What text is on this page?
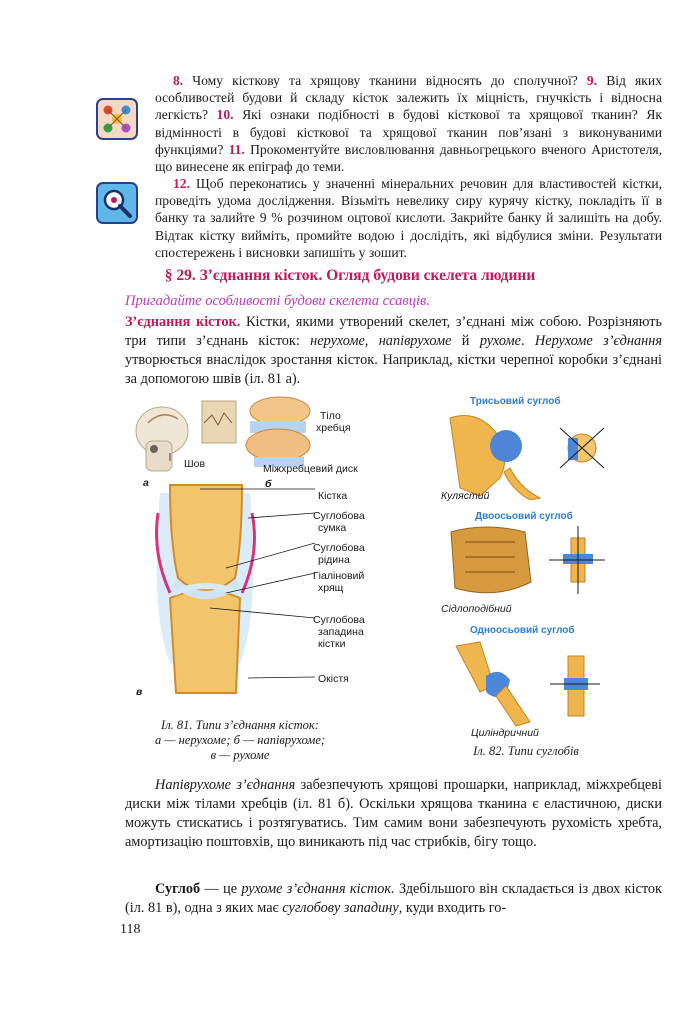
8. Чому кісткову та хрящову тканини відносять до сполучної? 9. Від яких особливостей будови й складу кісток залежить їх міцність, гнучкість і відносна легкість? 10. Які ознаки подібності в будові кісткової та хрящової тканин? Як відмінності в будові кісткової та хрящової тканин пов’язані з виконуваними функціями? 11. Прокоментуйте висловлювання давньогрецького вченого Аристотеля, що винесене як епіграф до теми.
12. Щоб переконатись у значенні мінеральних речовин для властивостей кістки, проведіть удома дослідження. Візьміть невелику сиру курячу кістку, покладіть її в банку та залийте 9 % розчином оцтової кислоти. Закрийте банку й залишіть на добу. Відтак кістку вийміть, промийте водою і дослідіть, які відбулися зміни. Результати спостережень і висновки запишіть у зошит.
§ 29. З’єднання кісток. Огляд будови скелета людини
Пригадайте особливості будови скелета ссавців.
З’єднання кісток. Кістки, якими утворений скелет, з’єднані між собою. Розрізняють три типи з’єднань кісток: нерухоме, напіврухоме й рухоме. Нерухоме з’єднання утворюється внаслідок зростання кісток. Наприклад, кістки черепної коробки з’єднані за допомогою швів (іл. 81 а).
Тіло
хребця
Шов	Міжхребцевий диск
а	б
Кістка
Суглобова
сумка
Суглобова
рідина
Гіаліновий
хрящ
Суглобова
западина
кістки
Окістя
в
Іл. 81. Типи з’єднання кісток:
а — нерухоме; б — напіврухоме;
в — рухоме
Трисьовий суглоб
Кулястий
Двоосьовий суглоб
Сідлоподібний
Одноосьовий суглоб
Циліндричний
Іл. 82. Типи суглобів
Напіврухоме з’єднання забезпечують хрящові прошарки, наприклад, міжхребцеві диски між тілами хребців (іл. 81 б). Оскільки хрящова тканина є еластичною, диски можуть стискатись і розтягуватись. Тим самим вони забезпечують рухомість хребта, амортизацію поштовхів, що виникають під час стрибків, бігу тощо.
Суглоб — це рухоме з’єднання кісток. Здебільшого він складається із двох кісток (іл. 81 в), одна з яких має суглобову западину, куди входить го-
118
